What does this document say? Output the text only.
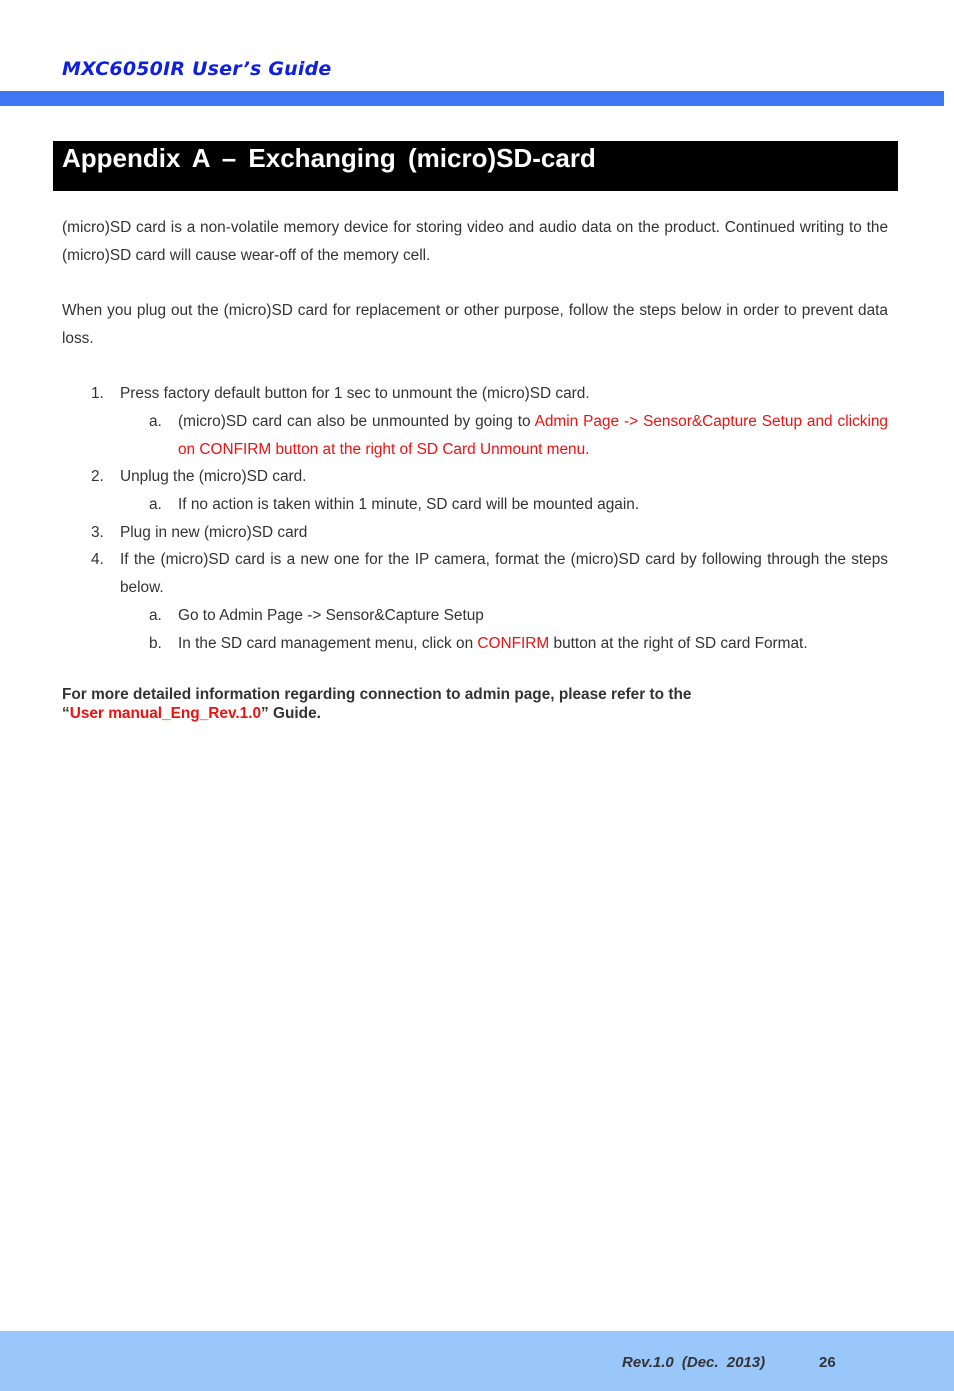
MXC6050IR User’s Guide
Appendix A – Exchanging (micro)SD-card

(micro)SD card is a non-volatile memory device for storing video and audio data on the product. Continued writing to the (micro)SD card will cause wear-off of the memory cell.

When you plug out the (micro)SD card for replacement or other purpose, follow the steps below in order to prevent data loss.

1. Press factory default button for 1 sec to unmount the (micro)SD card.
a. (micro)SD card can also be unmounted by going to Admin Page -> Sensor&Capture Setup and clicking on CONFIRM button at the right of SD Card Unmount menu.
2. Unplug the (micro)SD card.
a. If no action is taken within 1 minute, SD card will be mounted again.
3. Plug in new (micro)SD card
4. If the (micro)SD card is a new one for the IP camera, format the (micro)SD card by following through the steps below.
a. Go to Admin Page -> Sensor&Capture Setup
b. In the SD card management menu, click on CONFIRM button at the right of SD card Format.
For more detailed information regarding connection to admin page, please refer to the
“User manual_Eng_Rev.1.0” Guide.
Rev.1.0 (Dec. 2013)	26
